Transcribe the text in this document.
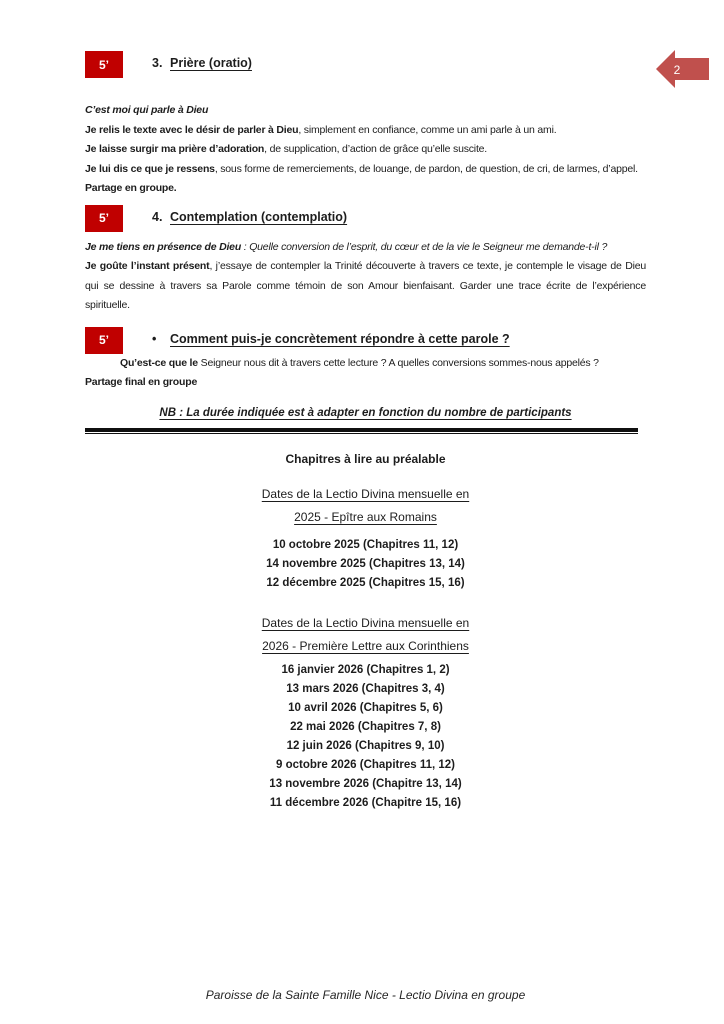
2
5’	3. Prière (oratio)
C’est moi qui parle à Dieu
Je relis le texte avec le désir de parler à Dieu, simplement en confiance, comme un ami parle à un ami.
Je laisse surgir ma prière d’adoration, de supplication, d’action de grâce qu’elle suscite.
Je lui dis ce que je ressens, sous forme de remerciements, de louange, de pardon, de question, de cri, de larmes, d’appel.
Partage en groupe.
5’	4. Contemplation (contemplatio)
Je me tiens en présence de Dieu : Quelle conversion de l’esprit, du cœur et de la vie le Seigneur me demande-t-il ?
Je goûte l’instant présent, j’essaye de contempler la Trinité découverte à travers ce texte, je contemple le visage de Dieu qui se dessine à travers sa Parole comme témoin de son Amour bienfaisant. Garder une trace écrite de l’expérience spirituelle.
5’	• Comment puis-je concrètement répondre à cette parole ?
Qu’est-ce que le Seigneur nous dit à travers cette lecture ? A quelles conversions sommes-nous appelés ?
Partage final en groupe
NB : La durée indiquée est à adapter en fonction du nombre de participants
Chapitres à lire au préalable
Dates de la Lectio Divina mensuelle en
2025 - Epître aux Romains
10 octobre 2025 (Chapitres 11, 12)
14 novembre 2025 (Chapitres 13, 14)
12 décembre 2025 (Chapitres 15, 16)
Dates de la Lectio Divina mensuelle en
2026 - Première Lettre aux Corinthiens
16 janvier 2026 (Chapitres 1, 2)
13 mars 2026 (Chapitres 3, 4)
10 avril 2026 (Chapitres 5, 6)
22 mai 2026 (Chapitres 7, 8)
12 juin 2026 (Chapitres 9, 10)
9 octobre 2026 (Chapitres 11, 12)
13 novembre 2026 (Chapitre 13, 14)
11 décembre 2026 (Chapitre 15, 16)
Paroisse de la Sainte Famille Nice - Lectio Divina en groupe
